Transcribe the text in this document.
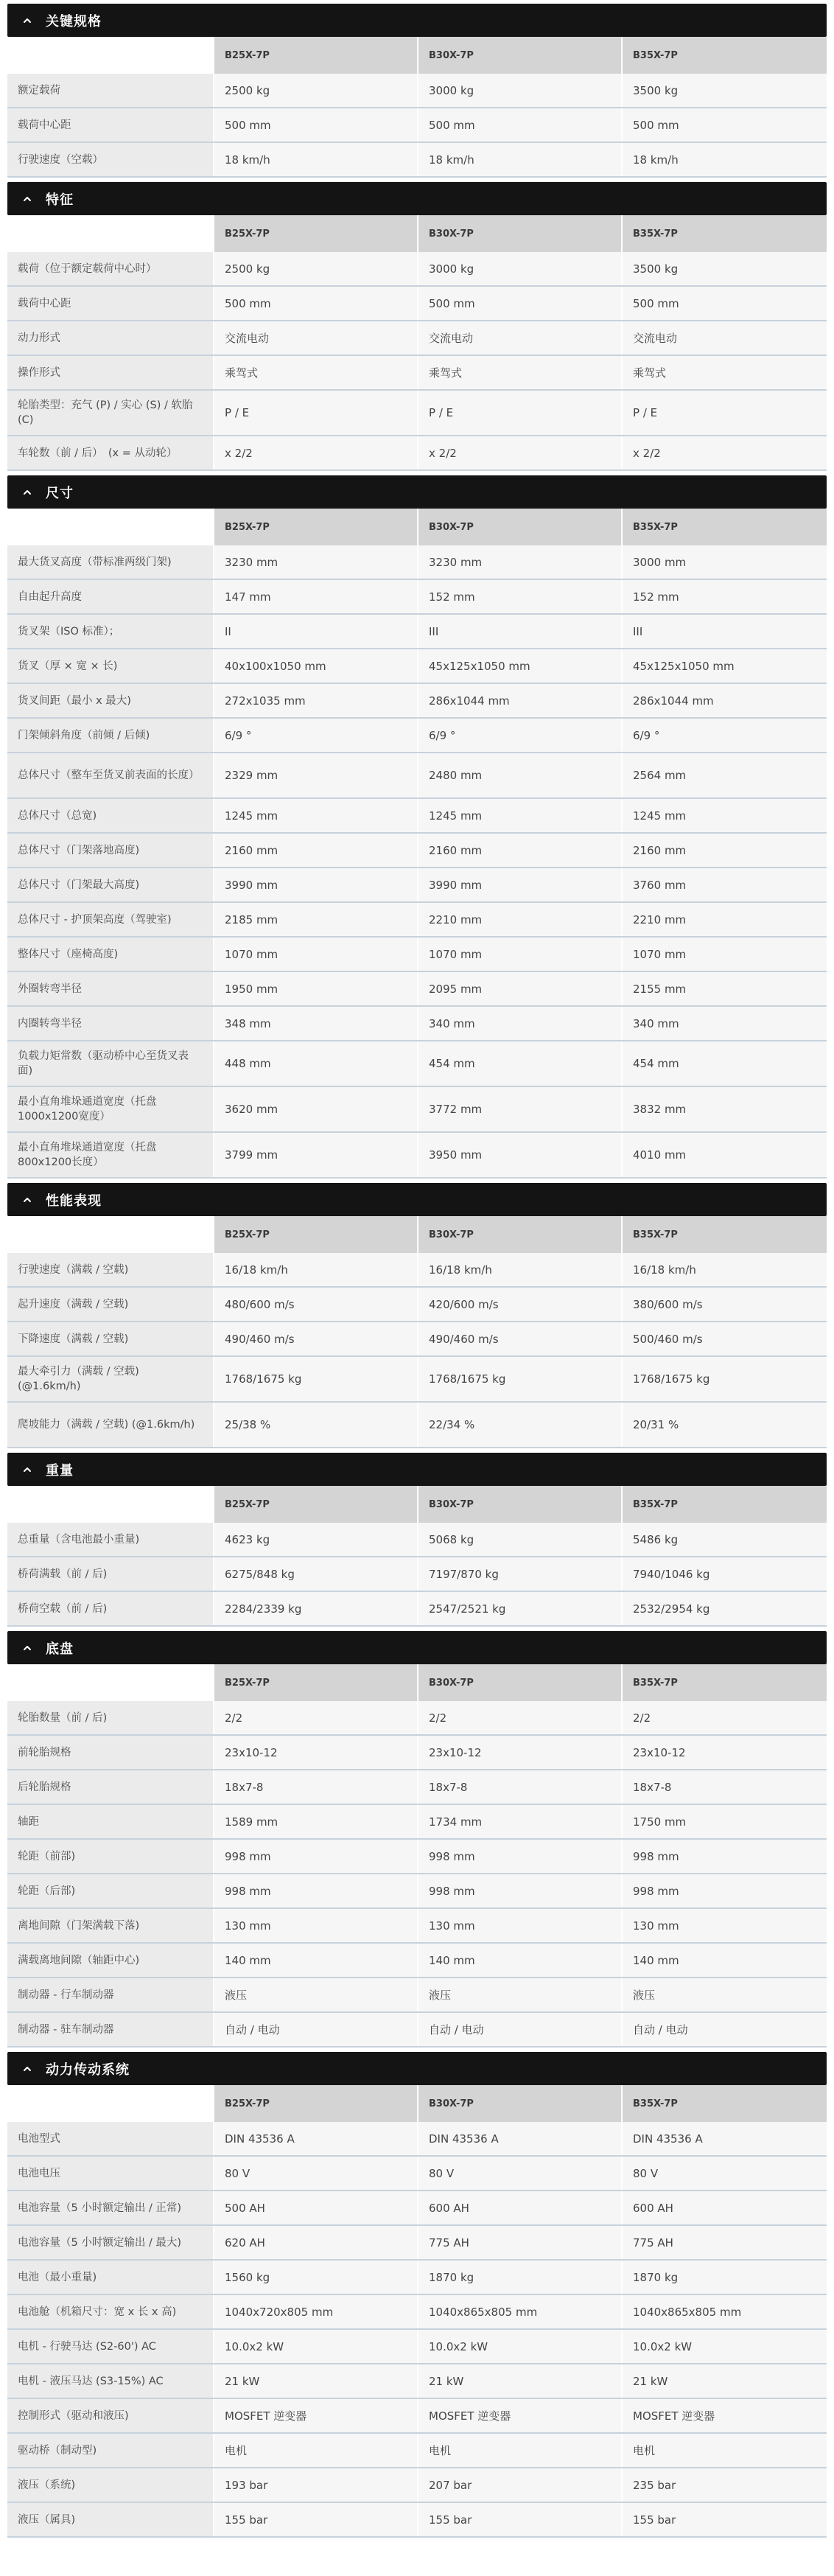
关键规格
	B25X-7P	B30X-7P	B35X-7P
额定载荷	2500 kg	3000 kg	3500 kg
载荷中心距	500 mm	500 mm	500 mm
行驶速度（空载）	18 km/h	18 km/h	18 km/h
特征
	B25X-7P	B30X-7P	B35X-7P
载荷（位于额定载荷中心时）	2500 kg	3000 kg	3500 kg
载荷中心距	500 mm	500 mm	500 mm
动力形式	交流电动	交流电动	交流电动
操作形式	乘驾式	乘驾式	乘驾式
轮胎类型：充气 (P) / 实心 (S) / 软胎 (C)	P / E	P / E	P / E
车轮数（前 / 后）　(x = 从动轮）	x 2/2	x 2/2	x 2/2
尺寸
	B25X-7P	B30X-7P	B35X-7P
最大货叉高度（带标准两级门架)	3230 mm	3230 mm	3000 mm
自由起升高度	147 mm	152 mm	152 mm
货叉架（ISO 标准）；	II	III	III
货叉（厚 × 宽 × 长)	40x100x1050 mm	45x125x1050 mm	45x125x1050 mm
货叉间距（最小 x 最大)	272x1035 mm	286x1044 mm	286x1044 mm
门架倾斜角度（前倾 / 后倾)	6/9 °	6/9 °	6/9 °
总体尺寸（整车至货叉前表面的长度）	2329 mm	2480 mm	2564 mm
总体尺寸（总宽)	1245 mm	1245 mm	1245 mm
总体尺寸（门架落地高度)	2160 mm	2160 mm	2160 mm
总体尺寸（门架最大高度)	3990 mm	3990 mm	3760 mm
总体尺寸 - 护顶架高度（驾驶室)	2185 mm	2210 mm	2210 mm
整体尺寸（座椅高度)	1070 mm	1070 mm	1070 mm
外圈转弯半径	1950 mm	2095 mm	2155 mm
内圈转弯半径	348 mm	340 mm	340 mm
负载力矩常数（驱动桥中心至货叉表面)	448 mm	454 mm	454 mm
最小直角堆垛通道宽度（托盘 1000x1200宽度）	3620 mm	3772 mm	3832 mm
最小直角堆垛通道宽度（托盘 800x1200长度）	3799 mm	3950 mm	4010 mm
性能表现
	B25X-7P	B30X-7P	B35X-7P
行驶速度（满载 / 空载)	16/18 km/h	16/18 km/h	16/18 km/h
起升速度（满载 / 空载)	480/600 m/s	420/600 m/s	380/600 m/s
下降速度（满载 / 空载)	490/460 m/s	490/460 m/s	500/460 m/s
最大牵引力（满载 / 空载) (@1.6km/h)	1768/1675 kg	1768/1675 kg	1768/1675 kg
爬坡能力（满载 / 空载) (@1.6km/h)	25/38 %	22/34 %	20/31 %
重量
	B25X-7P	B30X-7P	B35X-7P
总重量（含电池最小重量)	4623 kg	5068 kg	5486 kg
桥荷满载（前 / 后)	6275/848 kg	7197/870 kg	7940/1046 kg
桥荷空载（前 / 后)	2284/2339 kg	2547/2521 kg	2532/2954 kg
底盘
	B25X-7P	B30X-7P	B35X-7P
轮胎数量（前 / 后)	2/2	2/2	2/2
前轮胎规格	23x10-12	23x10-12	23x10-12
后轮胎规格	18x7-8	18x7-8	18x7-8
轴距	1589 mm	1734 mm	1750 mm
轮距（前部)	998 mm	998 mm	998 mm
轮距（后部)	998 mm	998 mm	998 mm
离地间隙（门架满载下落)	130 mm	130 mm	130 mm
满载离地间隙（轴距中心)	140 mm	140 mm	140 mm
制动器 - 行车制动器	液压	液压	液压
制动器 - 驻车制动器	自动 / 电动	自动 / 电动	自动 / 电动
动力传动系统
	B25X-7P	B30X-7P	B35X-7P
电池型式	DIN 43536 A	DIN 43536 A	DIN 43536 A
电池电压	80 V	80 V	80 V
电池容量（5 小时额定输出 / 正常)	500 AH	600 AH	600 AH
电池容量（5 小时额定输出 / 最大)	620 AH	775 AH	775 AH
电池（最小重量)	1560 kg	1870 kg	1870 kg
电池舱（机箱尺寸：宽 x 长 x 高)	1040x720x805 mm	1040x865x805 mm	1040x865x805 mm
电机 - 行驶马达 (S2-60') AC	10.0x2 kW	10.0x2 kW	10.0x2 kW
电机 - 液压马达 (S3-15%) AC	21 kW	21 kW	21 kW
控制形式（驱动和液压)	MOSFET 逆变器	MOSFET 逆变器	MOSFET 逆变器
驱动桥（制动型)	电机	电机	电机
液压（系统)	193 bar	207 bar	235 bar
液压（属具)	155 bar	155 bar	155 bar
